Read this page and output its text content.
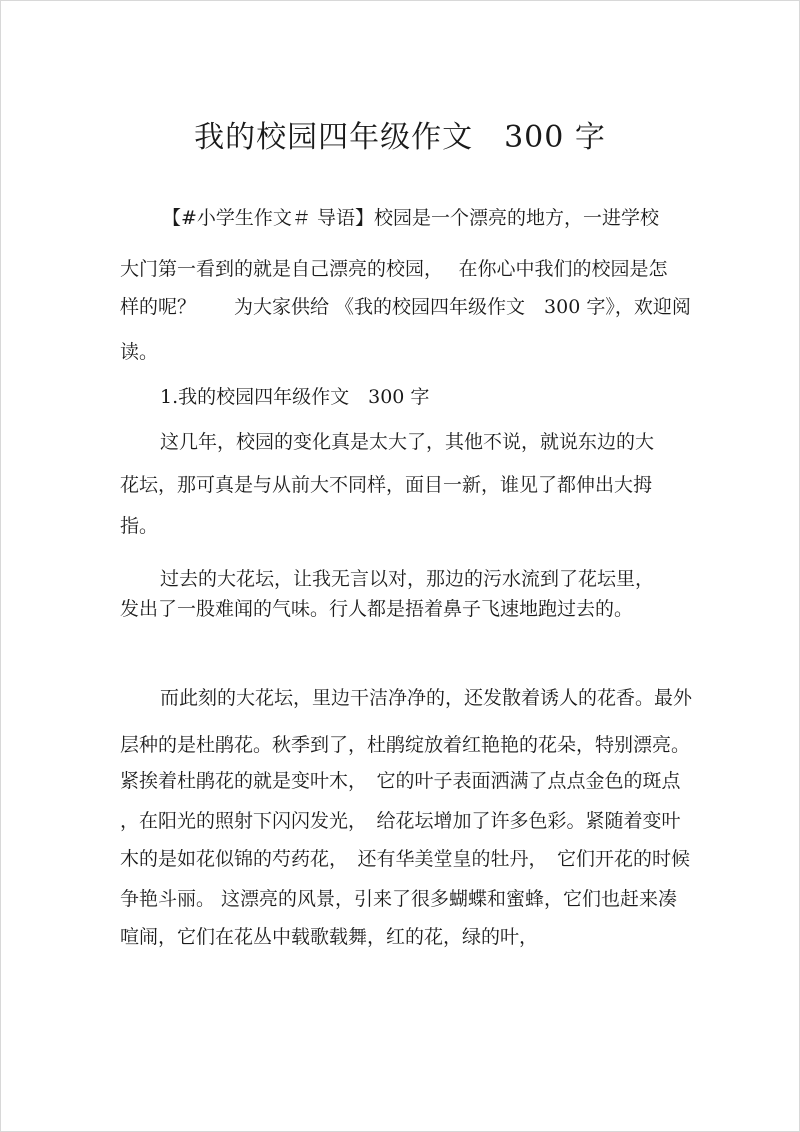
我的校园四年级作文　300 字
【#小学生作文＃ 导语】校园是一个漂亮的地方，一进学校
大门第一看到的就是自己漂亮的校园，　 在你心中我们的校园是怎
样的呢？　　为大家供给 《我的校园四年级作文　300 字》，欢迎阅
读。
1.我的校园四年级作文　300 字
这几年，校园的变化真是太大了，其他不说，就说东边的大
花坛，那可真是与从前大不同样，面目一新，谁见了都伸出大拇
指。
过去的大花坛，让我无言以对，那边的污水流到了花坛里，
发出了一股难闻的气味。行人都是捂着鼻子飞速地跑过去的。
而此刻的大花坛，里边干洁净净的，还发散着诱人的花香。最外
层种的是杜鹃花。秋季到了，杜鹃绽放着红艳艳的花朵，特别漂亮。
紧挨着杜鹃花的就是变叶木，　它的叶子表面洒满了点点金色的斑点
，在阳光的照射下闪闪发光，　给花坛增加了许多色彩。紧随着变叶
木的是如花似锦的芍药花，　还有华美堂皇的牡丹，　它们开花的时候
争艳斗丽。 这漂亮的风景，引来了很多蝴蝶和蜜蜂，它们也赶来凑
喧闹，它们在花丛中载歌载舞，红的花，绿的叶，
